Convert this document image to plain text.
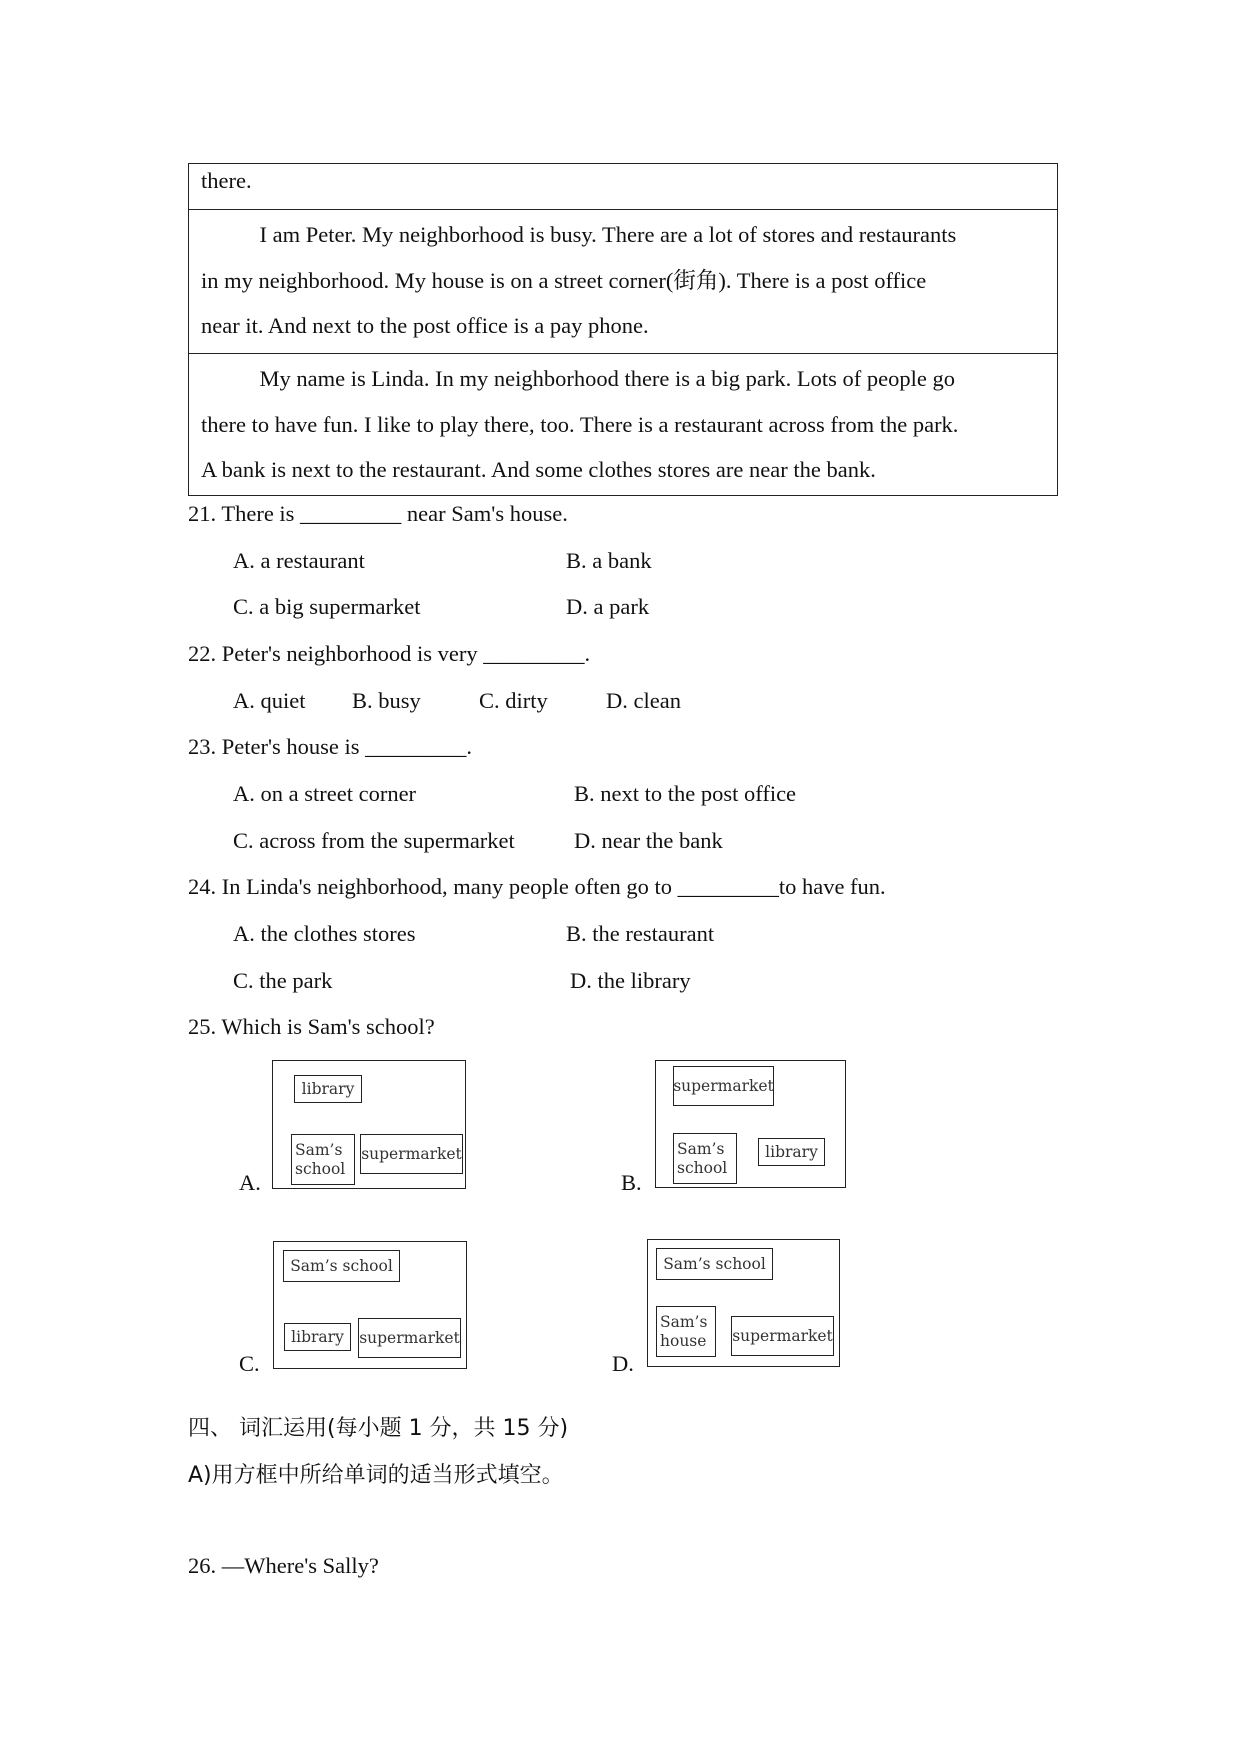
there.
I am Peter. My neighborhood is busy. There are a lot of stores and restaurants
in my neighborhood. My house is on a street corner(街角). There is a post office
near it. And next to the post office is a pay phone.
My name is Linda. In my neighborhood there is a big park. Lots of people go
there to have fun. I like to play there, too. There is a restaurant across from the park.
A bank is next to the restaurant. And some clothes stores are near the bank.
21. There is _________ near Sam's house.
A. a restaurant	B. a bank
C. a big supermarket	D. a park
22. Peter's neighborhood is very _________.
A. quiet B. busy	C. dirty	D. clean
23. Peter's house is _________.
A. on a street corner	B. next to the post office
C. across from the supermarket	D. near the bank
24. In Linda's neighborhood, many people often go to _________to have fun.
A. the clothes stores	B. the restaurant
C. the park	D. the library
25. Which is Sam's school?
A.
library
Sam’s
school
supermarket
B.
supermarket
Sam’s
school
library
C.
Sam’s school
library supermarket
D.
Sam’s school
Sam’s
house supermarket
四、 词汇运用(每小题 1 分，共 15 分)
A)用方框中所给单词的适当形式填空。
26. —Where's Sally?
